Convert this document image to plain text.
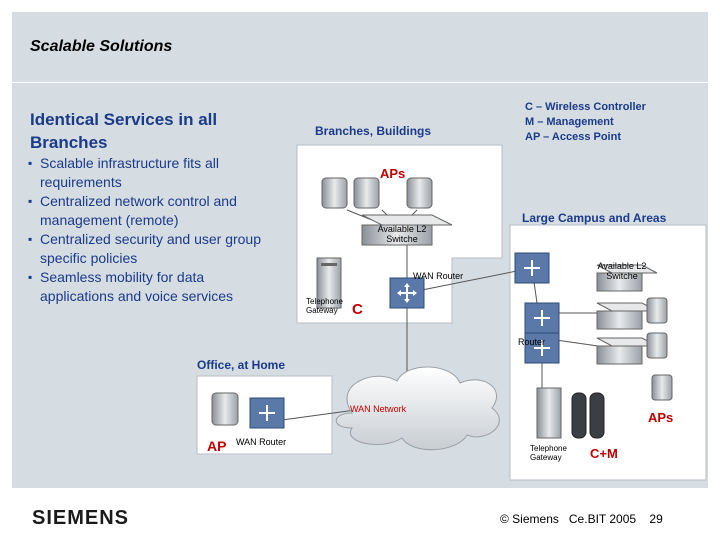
Scalable Solutions
Identical Services in all
Branches
▪ Scalable infrastructure fits all requirements
▪ Centralized network control and management (remote)
▪ Centralized security and user group specific policies
▪ Seamless mobility for data applications and voice services
C – Wireless Controller
M – Management
AP – Access Point
Branches, Buildings
APs
Available L2 Switche
WAN Router
Telephone Gateway C
Large Campus and Areas
Available L2 Switche
Router
APs
Telephone Gateway	C+M
Office, at Home
AP WAN Router
WAN Network
SIEMENS	© Siemens Ce.BIT 2005 29
